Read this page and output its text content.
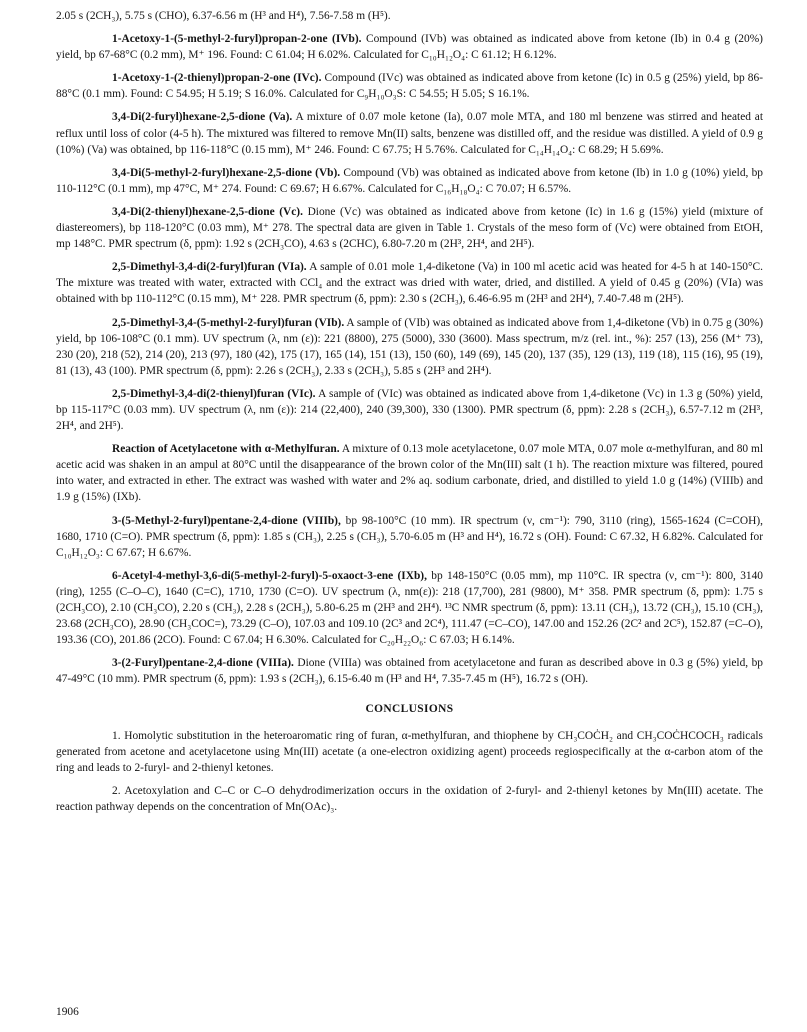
2.05 s (2CH₃), 5.75 s (CHO), 6.37-6.56 m (H³ and H⁴), 7.56-7.58 m (H⁵).

1-Acetoxy-1-(5-methyl-2-furyl)propan-2-one (IVb). Compound (IVb) was obtained as indicated above from ketone (Ib) in 0.4 g (20%) yield, bp 67-68°C (0.2 mm), M⁺ 196. Found: C 61.04; H 6.02%. Calculated for C₁₀H₁₂O₄: C 61.12; H 6.12%.

1-Acetoxy-1-(2-thienyl)propan-2-one (IVc). Compound (IVc) was obtained as indicated above from ketone (Ic) in 0.5 g (25%) yield, bp 86-88°C (0.1 mm). Found: C 54.95; H 5.19; S 16.0%. Calculated for C₉H₁₀O₃S: C 54.55; H 5.05; S 16.1%.

3,4-Di(2-furyl)hexane-2,5-dione (Va). A mixture of 0.07 mole ketone (Ia), 0.07 mole MTA, and 180 ml benzene was stirred and heated at reflux until loss of color (4-5 h). The mixtured was filtered to remove Mn(II) salts, benzene was distilled off, and the residue was distilled. A yield of 0.9 g (10%) (Va) was obtained, bp 116-118°C (0.15 mm), M⁺ 246. Found: C 67.75; H 5.76%. Calculated for C₁₄H₁₄O₄: C 68.29; H 5.69%.

3,4-Di(5-methyl-2-furyl)hexane-2,5-dione (Vb). Compound (Vb) was obtained as indicated above from ketone (Ib) in 1.0 g (10%) yield, bp 110-112°C (0.1 mm), mp 47°C, M⁺ 274. Found: C 69.67; H 6.67%. Calculated for C₁₆H₁₈O₄: C 70.07; H 6.57%.

3,4-Di(2-thienyl)hexane-2,5-dione (Vc). Dione (Vc) was obtained as indicated above from ketone (Ic) in 1.6 g (15%) yield (mixture of diastereomers), bp 118-120°C (0.03 mm), M⁺ 278. The spectral data are given in Table 1. Crystals of the meso form of (Vc) were obtained from EtOH, mp 148°C. PMR spectrum (δ, ppm): 1.92 s (2CH₃CO), 4.63 s (2CHC), 6.80-7.20 m (2H³, 2H⁴, and 2H⁵).

2,5-Dimethyl-3,4-di(2-furyl)furan (VIa). A sample of 0.01 mole 1,4-diketone (Va) in 100 ml acetic acid was heated for 4-5 h at 140-150°C. The mixture was treated with water, extracted with CCl₄ and the extract was dried with water, dried, and distilled. A yield of 0.45 g (20%) (VIa) was obtained with bp 110-112°C (0.15 mm), M⁺ 228. PMR spectrum (δ, ppm): 2.30 s (2CH₃), 6.46-6.95 m (2H³ and 2H⁴), 7.40-7.48 m (2H⁵).

2,5-Dimethyl-3,4-(5-methyl-2-furyl)furan (VIb). A sample of (VIb) was obtained as indicated above from 1,4-diketone (Vb) in 0.75 g (30%) yield, bp 106-108°C (0.1 mm). UV spectrum (λ, nm (ε)): 221 (8800), 275 (5000), 330 (3600). Mass spectrum, m/z (rel. int., %): 257 (13), 256 (M⁺ 73), 230 (20), 218 (52), 214 (20), 213 (97), 180 (42), 175 (17), 165 (14), 151 (13), 150 (60), 149 (69), 145 (20), 137 (35), 129 (13), 119 (18), 115 (16), 95 (19), 81 (13), 43 (100). PMR spectrum (δ, ppm): 2.26 s (2CH₃), 2.33 s (2CH₃), 5.85 s (2H³ and 2H⁴).

2,5-Dimethyl-3,4-di(2-thienyl)furan (VIc). A sample of (VIc) was obtained as indicated above from 1,4-diketone (Vc) in 1.3 g (50%) yield, bp 115-117°C (0.03 mm). UV spectrum (λ, nm (ε)): 214 (22,400), 240 (39,300), 330 (1300). PMR spectrum (δ, ppm): 2.28 s (2CH₃), 6.57-7.12 m (2H³, 2H⁴, and 2H⁵).

Reaction of Acetylacetone with α-Methylfuran. A mixture of 0.13 mole acetylacetone, 0.07 mole MTA, 0.07 mole α-methylfuran, and 80 ml acetic acid was shaken in an ampul at 80°C until the disappearance of the brown color of the Mn(III) salt (1 h). The reaction mixture was filtered, poured into water, and extracted in ether. The extract was washed with water and 2% aq. sodium carbonate, dried, and distilled to yield 1.0 g (14%) (VIIIb) and 1.9 g (15%) (IXb).

3-(5-Methyl-2-furyl)pentane-2,4-dione (VIIIb), bp 98-100°C (10 mm). IR spectrum (ν, cm⁻¹): 790, 3110 (ring), 1565-1624 (C=COH), 1680, 1710 (C=O). PMR spectrum (δ, ppm): 1.85 s (CH₃), 2.25 s (CH₃), 5.70-6.05 m (H³ and H⁴), 16.72 s (OH). Found: C 67.32, H 6.82%. Calculated for C₁₀H₁₂O₃: C 67.67; H 6.67%.

6-Acetyl-4-methyl-3,6-di(5-methyl-2-furyl)-5-oxaoct-3-ene (IXb), bp 148-150°C (0.05 mm), mp 110°C. IR spectra (ν, cm⁻¹): 800, 3140 (ring), 1255 (C–O–C), 1640 (C=C), 1710, 1730 (C=O). UV spectrum (λ, nm(ε)): 218 (17,700), 281 (9800), M⁺ 358. PMR spectrum (δ, ppm): 1.75 s (2CH₃CO), 2.10 (CH₃CO), 2.20 s (CH₃), 2.28 s (2CH₃), 5.80-6.25 m (2H³ and 2H⁴). ¹³C NMR spectrum (δ, ppm): 13.11 (CH₃), 13.72 (CH₃), 15.10 (CH₃), 23.68 (2CH₃CO), 28.90 (CH₃COC=), 73.29 (C–O), 107.03 and 109.10 (2C³ and 2C⁴), 111.47 (=C–CO), 147.00 and 152.26 (2C² and 2C⁵), 152.87 (=C–O), 193.36 (CO), 201.86 (2CO). Found: C 67.04; H 6.30%. Calculated for C₂₀H₂₂O₆: C 67.03; H 6.14%.

3-(2-Furyl)pentane-2,4-dione (VIIIa). Dione (VIIIa) was obtained from acetylacetone and furan as described above in 0.3 g (5%) yield, bp 47-49°C (10 mm). PMR spectrum (δ, ppm): 1.93 s (2CH₃), 6.15-6.40 m (H³ and H⁴, 7.35-7.45 m (H⁵), 16.72 s (OH).

CONCLUSIONS

1. Homolytic substitution in the heteroaromatic ring of furan, α-methylfuran, and thiophene by CH₃COĊH₂ and CH₃COĊHCOCH₃ radicals generated from acetone and acetylacetone using Mn(III) acetate (a one-electron oxidizing agent) proceeds regiospecifically at the α-carbon atom of the ring and leads to 2-furyl- and 2-thienyl ketones.

2. Acetoxylation and C–C or C–O dehydrodimerization occurs in the oxidation of 2-furyl- and 2-thienyl ketones by Mn(III) acetate. The reaction pathway depends on the concentration of Mn(OAc)₃.

1906
